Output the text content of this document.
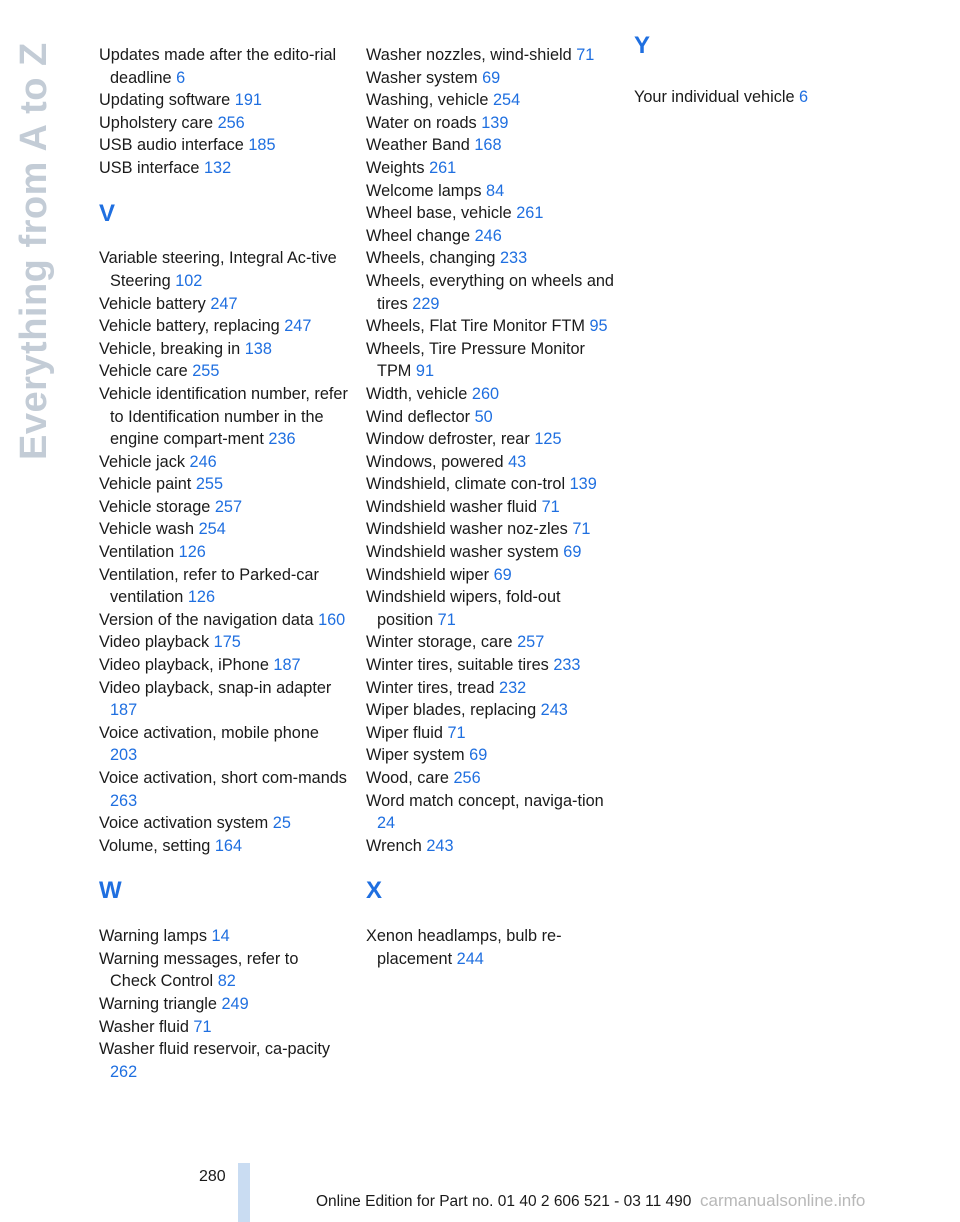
Everything from A to Z	Updates made after the edito-rial deadline 6
Updating software 191
Upholstery care 256
USB audio interface 185
USB interface 132
V
Variable steering, Integral Ac-tive Steering 102
Vehicle battery 247
Vehicle battery, replacing 247
Vehicle, breaking in 138
Vehicle care 255
Vehicle identification number, refer to Identification number in the engine compart-ment 236
Vehicle jack 246
Vehicle paint 255
Vehicle storage 257
Vehicle wash 254
Ventilation 126
Ventilation, refer to Parked-car ventilation 126
Version of the navigation data 160
Video playback 175
Video playback, iPhone 187
Video playback, snap-in adapter 187
Voice activation, mobile phone 203
Voice activation, short com-mands 263
Voice activation system 25
Volume, setting 164
W
Warning lamps 14
Warning messages, refer to Check Control 82
Warning triangle 249
Washer fluid 71
Washer fluid reservoir, ca-pacity 262
Washer nozzles, wind-shield 71
Washer system 69
Washing, vehicle 254
Water on roads 139
Weather Band 168
Weights 261
Welcome lamps 84
Wheel base, vehicle 261
Wheel change 246
Wheels, changing 233
Wheels, everything on wheels and tires 229
Wheels, Flat Tire Monitor FTM 95
Wheels, Tire Pressure Monitor TPM 91
Width, vehicle 260
Wind deflector 50
Window defroster, rear 125
Windows, powered 43
Windshield, climate con-trol 139
Windshield washer fluid 71
Windshield washer noz-zles 71
Windshield washer system 69
Windshield wiper 69
Windshield wipers, fold-out position 71
Winter storage, care 257
Winter tires, suitable tires 233
Winter tires, tread 232
Wiper blades, replacing 243
Wiper fluid 71
Wiper system 69
Wood, care 256
Word match concept, naviga-tion 24
Wrench 243
X
Xenon headlamps, bulb re-placement 244
Y
Your individual vehicle 6
280
Online Edition for Part no. 01 40 2 606 521 - 03 11 490 carmanualsonline.info
